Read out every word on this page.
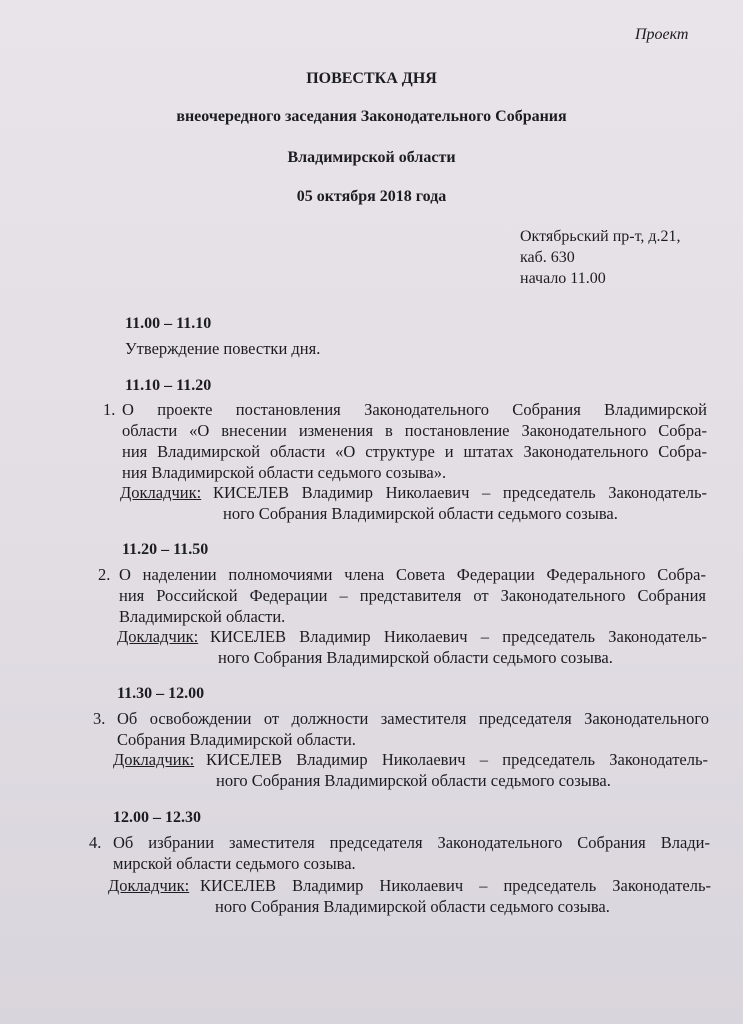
Проект
ПОВЕСТКА ДНЯ
внеочередного заседания Законодательного Собрания
Владимирской области
05 октября 2018 года
Октябрьский пр-т, д.21,
каб. 630
начало 11.00
11.00 – 11.10
Утверждение повестки дня.
11.10 – 11.20
1. О проекте постановления Законодательного Собрания Владимирской
области «О внесении изменения в постановление Законодательного Собра-
ния Владимирской области «О структуре и штатах Законодательного Собра-
ния Владимирской области седьмого созыва».
Докладчик: КИСЕЛЕВ Владимир Николаевич – председатель Законодатель-
ного Собрания Владимирской области седьмого созыва.
11.20 – 11.50
2. О наделении полномочиями члена Совета Федерации Федерального Собра-
ния Российской Федерации – представителя от Законодательного Собрания
Владимирской области.
Докладчик: КИСЕЛЕВ Владимир Николаевич – председатель Законодатель-
ного Собрания Владимирской области седьмого созыва.
11.30 – 12.00
3. Об освобождении от должности заместителя председателя Законодательного
Собрания Владимирской области.
Докладчик: КИСЕЛЕВ Владимир Николаевич – председатель Законодатель-
ного Собрания Владимирской области седьмого созыва.
12.00 – 12.30
4. Об избрании заместителя председателя Законодательного Собрания Влади-
мирской области седьмого созыва.
Докладчик: КИСЕЛЕВ Владимир Николаевич – председатель Законодатель-
ного Собрания Владимирской области седьмого созыва.
